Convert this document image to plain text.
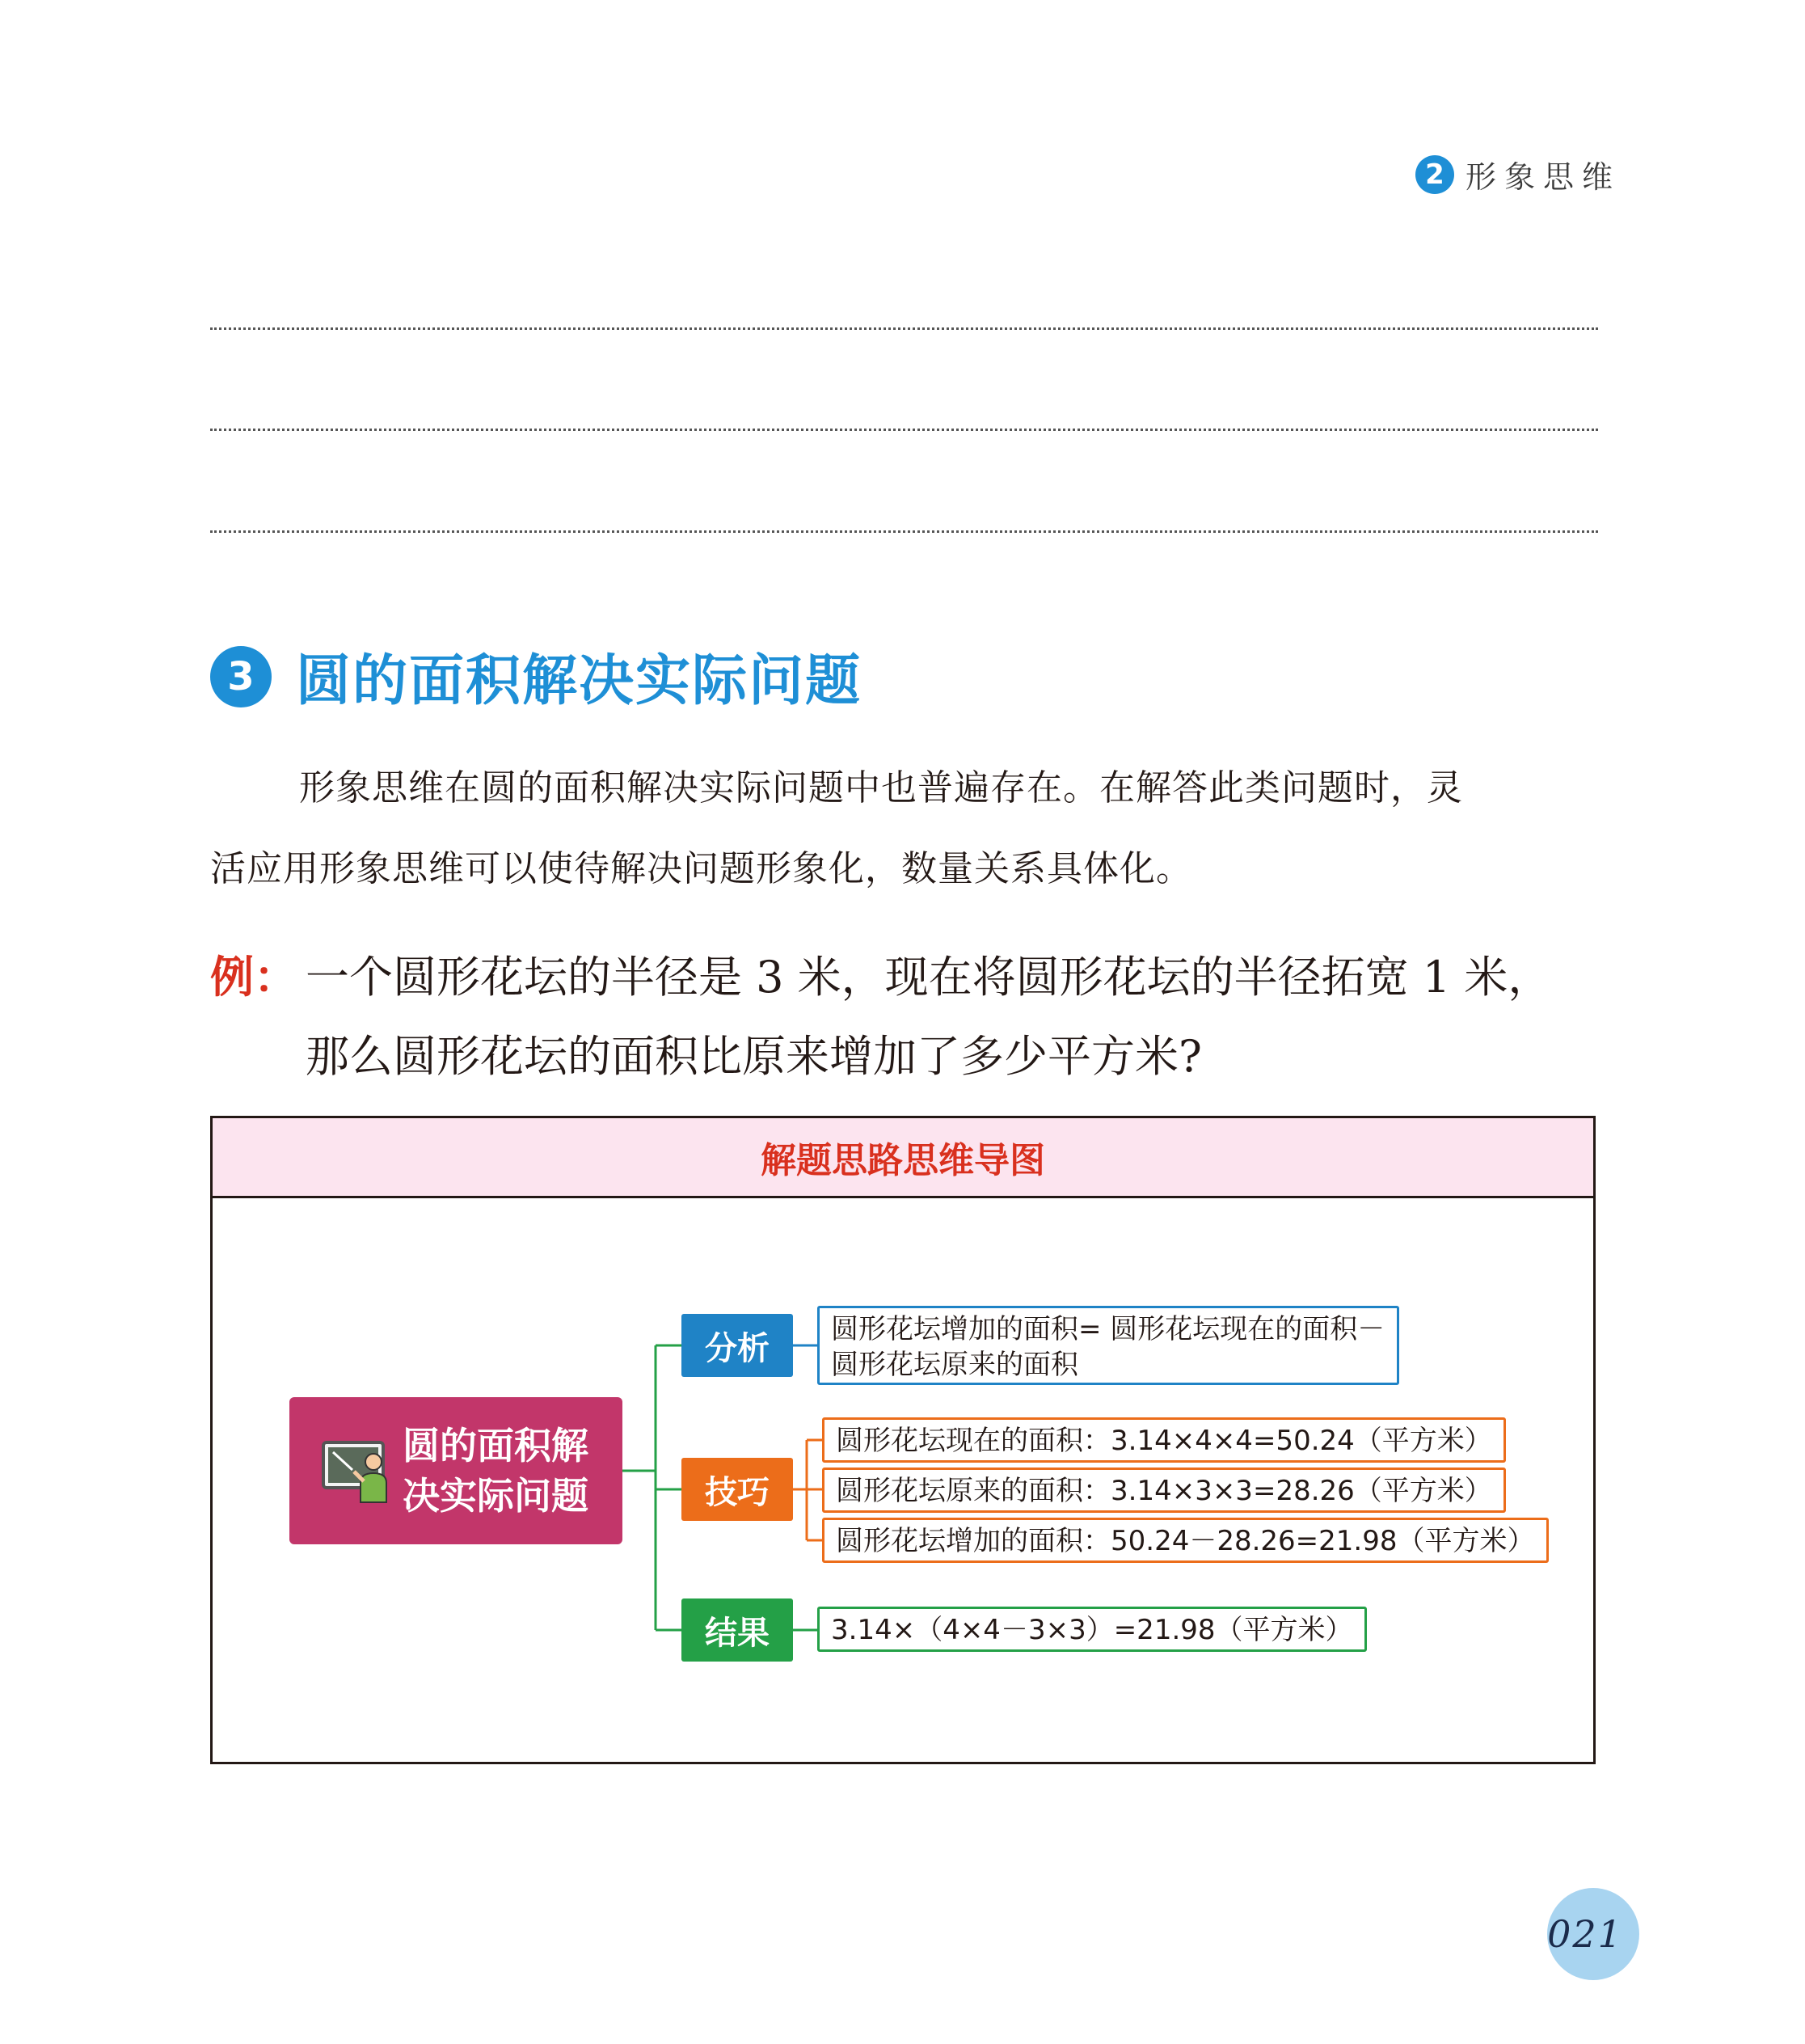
2 形象思维
3 圆的面积解决实际问题
形象思维在圆的面积解决实际问题中也普遍存在。在解答此类问题时，灵
活应用形象思维可以使待解决问题形象化，数量关系具体化。
例： 一个圆形花坛的半径是 3 米，现在将圆形花坛的半径拓宽 1 米，
那么圆形花坛的面积比原来增加了多少平方米?
解题思路思维导图
圆的面积解决实际问题
分析
技巧
结果
圆形花坛增加的面积= 圆形花坛现在的面积－
圆形花坛原来的面积
圆形花坛现在的面积：3.14×4×4=50.24（平方米）
圆形花坛原来的面积：3.14×3×3=28.26（平方米）
圆形花坛增加的面积：50.24－28.26=21.98（平方米）
3.14×（4×4－3×3）=21.98（平方米）
021
